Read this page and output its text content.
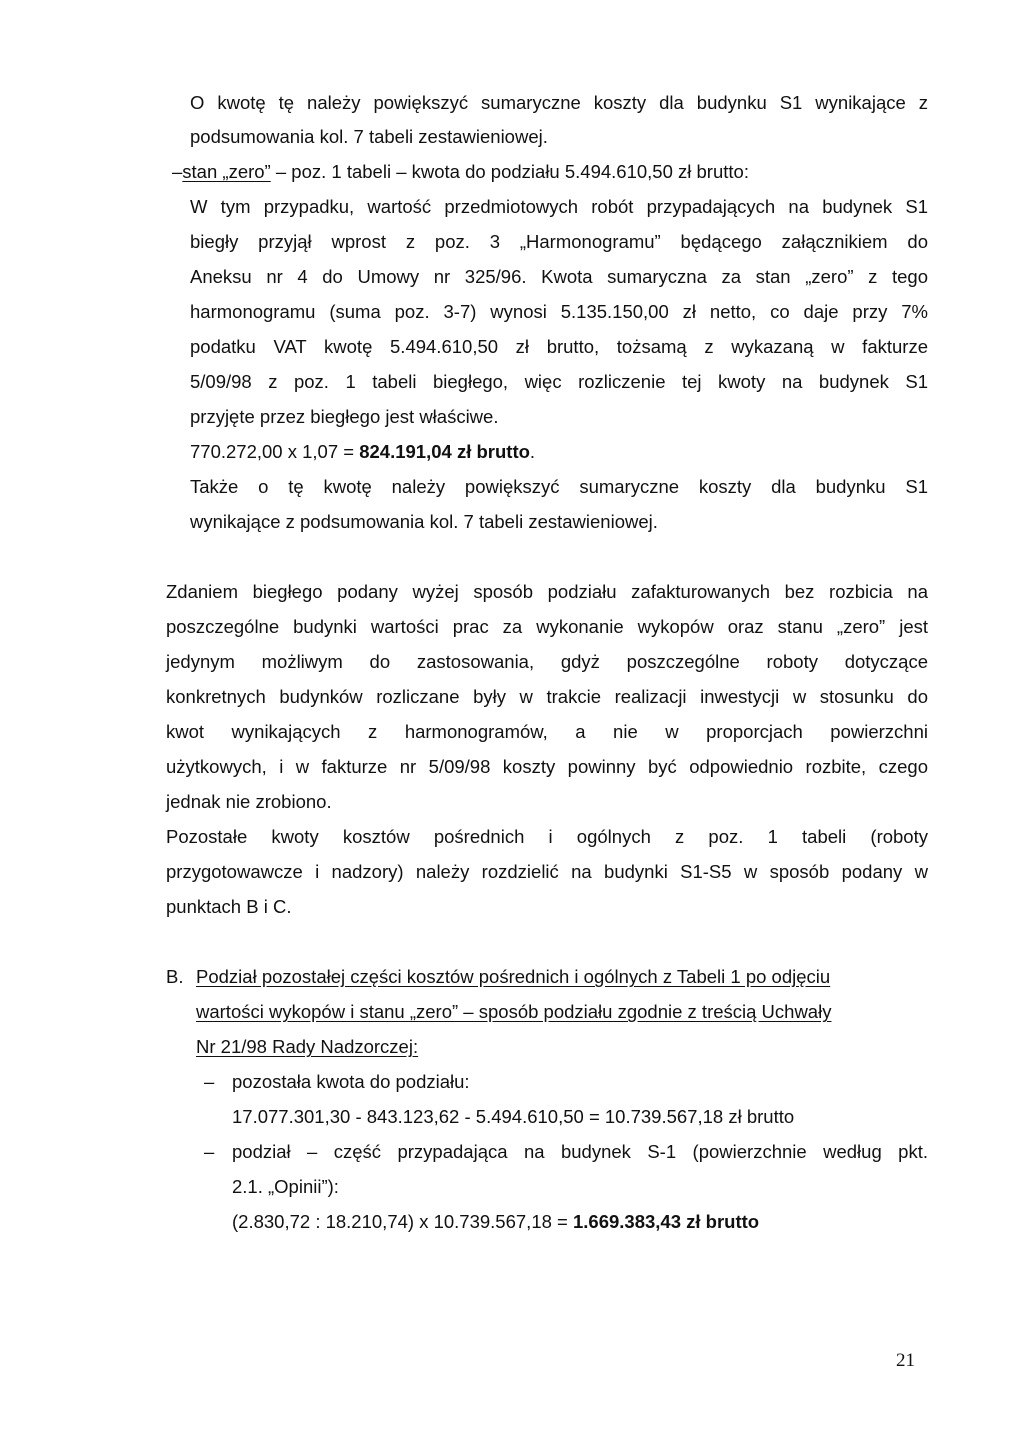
O kwotę tę należy powiększyć sumaryczne koszty dla budynku S1 wynikające z
podsumowania kol. 7 tabeli zestawieniowej.
–stan „zero” – poz. 1 tabeli – kwota do podziału 5.494.610,50 zł brutto:
W tym przypadku, wartość przedmiotowych robót przypadających na budynek S1
biegły przyjął wprost z poz. 3 „Harmonogramu” będącego załącznikiem do
Aneksu nr 4 do Umowy nr 325/96. Kwota sumaryczna za stan „zero” z tego
harmonogramu (suma poz. 3-7) wynosi 5.135.150,00 zł netto, co daje przy 7%
podatku VAT kwotę 5.494.610,50 zł brutto, tożsamą z wykazaną w fakturze
5/09/98 z poz. 1 tabeli biegłego, więc rozliczenie tej kwoty na budynek S1
przyjęte przez biegłego jest właściwe.
770.272,00 x 1,07 = 824.191,04 zł brutto.
Także o tę kwotę należy powiększyć sumaryczne koszty dla budynku S1
wynikające z podsumowania kol. 7 tabeli zestawieniowej.
Zdaniem biegłego podany wyżej sposób podziału zafakturowanych bez rozbicia na
poszczególne budynki wartości prac za wykonanie wykopów oraz stanu „zero” jest
jedynym możliwym do zastosowania, gdyż poszczególne roboty dotyczące
konkretnych budynków rozliczane były w trakcie realizacji inwestycji w stosunku do
kwot wynikających z harmonogramów, a nie w proporcjach powierzchni
użytkowych, i w fakturze nr 5/09/98 koszty powinny być odpowiednio rozbite, czego
jednak nie zrobiono.
Pozostałe kwoty kosztów pośrednich i ogólnych z poz. 1 tabeli (roboty
przygotowawcze i nadzory) należy rozdzielić na budynki S1-S5 w sposób podany w
punktach B i C.
B. Podział pozostałej części kosztów pośrednich i ogólnych z Tabeli 1 po odjęciu
wartości wykopów i stanu „zero” – sposób podziału zgodnie z treścią Uchwały
Nr 21/98 Rady Nadzorczej:
– pozostała kwota do podziału:
17.077.301,30 - 843.123,62 - 5.494.610,50 = 10.739.567,18 zł brutto
– podział – część przypadająca na budynek S-1 (powierzchnie według pkt.
2.1. „Opinii”):
(2.830,72 : 18.210,74) x 10.739.567,18 = 1.669.383,43 zł brutto
21
